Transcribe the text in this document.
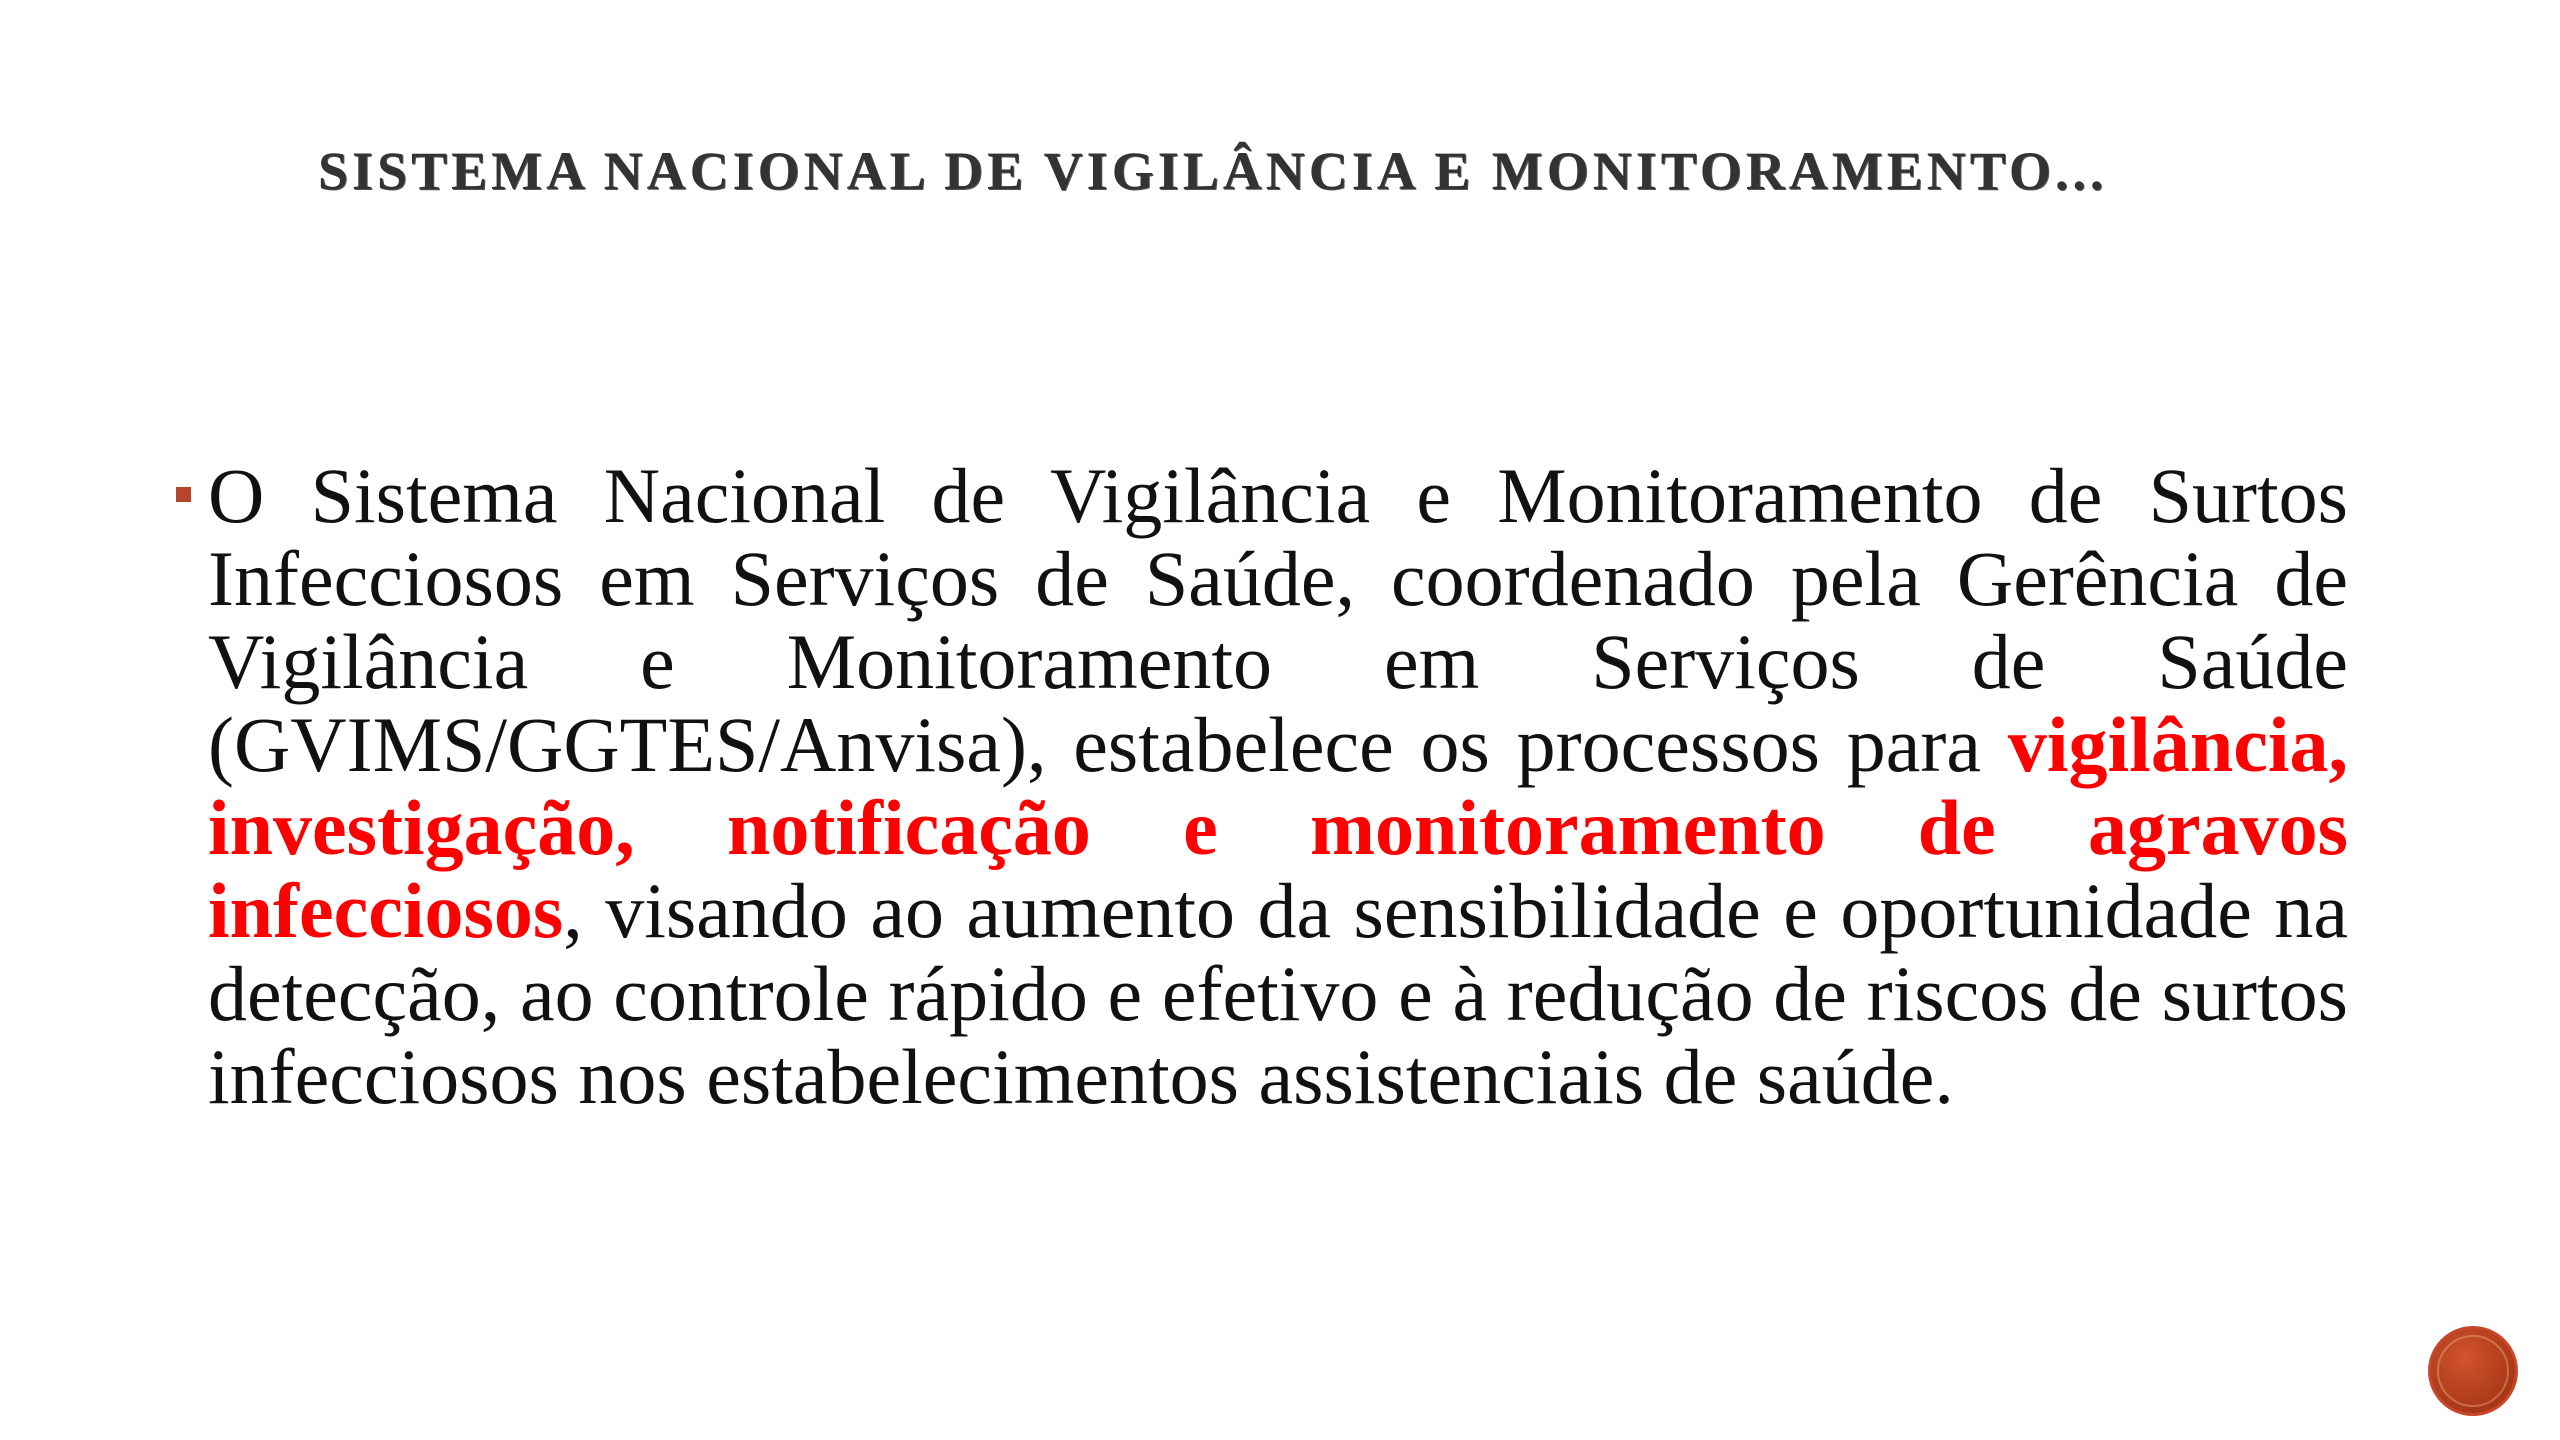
SISTEMA NACIONAL DE VIGILÂNCIA E MONITORAMENTO...

O Sistema Nacional de Vigilância e Monitoramento de Surtos Infecciosos em Serviços de Saúde, coordenado pela Gerência de Vigilância e Monitoramento em Serviços de Saúde (GVIMS/GGTES/Anvisa), estabelece os processos para vigilância, investigação, notificação e monitoramento de agravos infecciosos, visando ao aumento da sensibilidade e oportunidade na detecção, ao controle rápido e efetivo e à redução de riscos de surtos infecciosos nos estabelecimentos assistenciais de saúde.
